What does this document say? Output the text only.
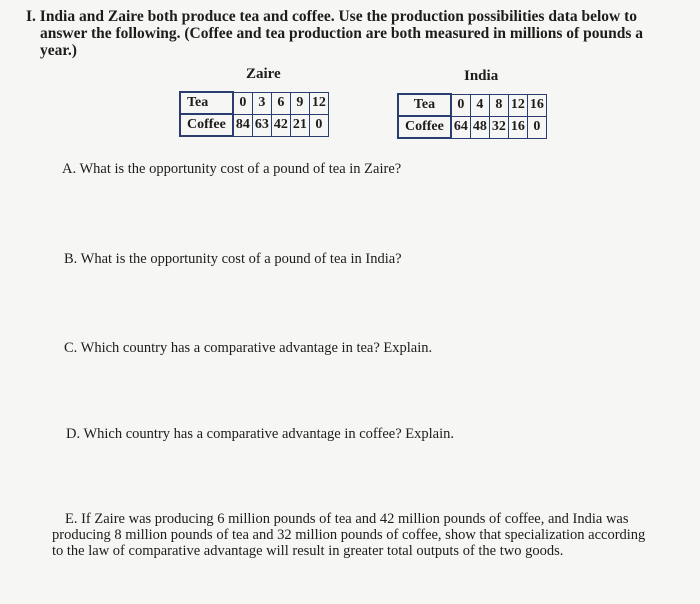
I. India and Zaire both produce tea and coffee. Use the production possibilities data below to
answer the following. (Coffee and tea production are both measured in millions of pounds a
year.)
Zaire
Tea	0	3	6	9	12
Coffee	84	63	42	21	0
India
Tea	0	4	8	12	16
Coffee	64	48	32	16	0
A. What is the opportunity cost of a pound of tea in Zaire?
B. What is the opportunity cost of a pound of tea in India?
C. Which country has a comparative advantage in tea? Explain.
D. Which country has a comparative advantage in coffee? Explain.
E. If Zaire was producing 6 million pounds of tea and 42 million pounds of coffee, and India was
producing 8 million pounds of tea and 32 million pounds of coffee, show that specialization according
to the law of comparative advantage will result in greater total outputs of the two goods.
